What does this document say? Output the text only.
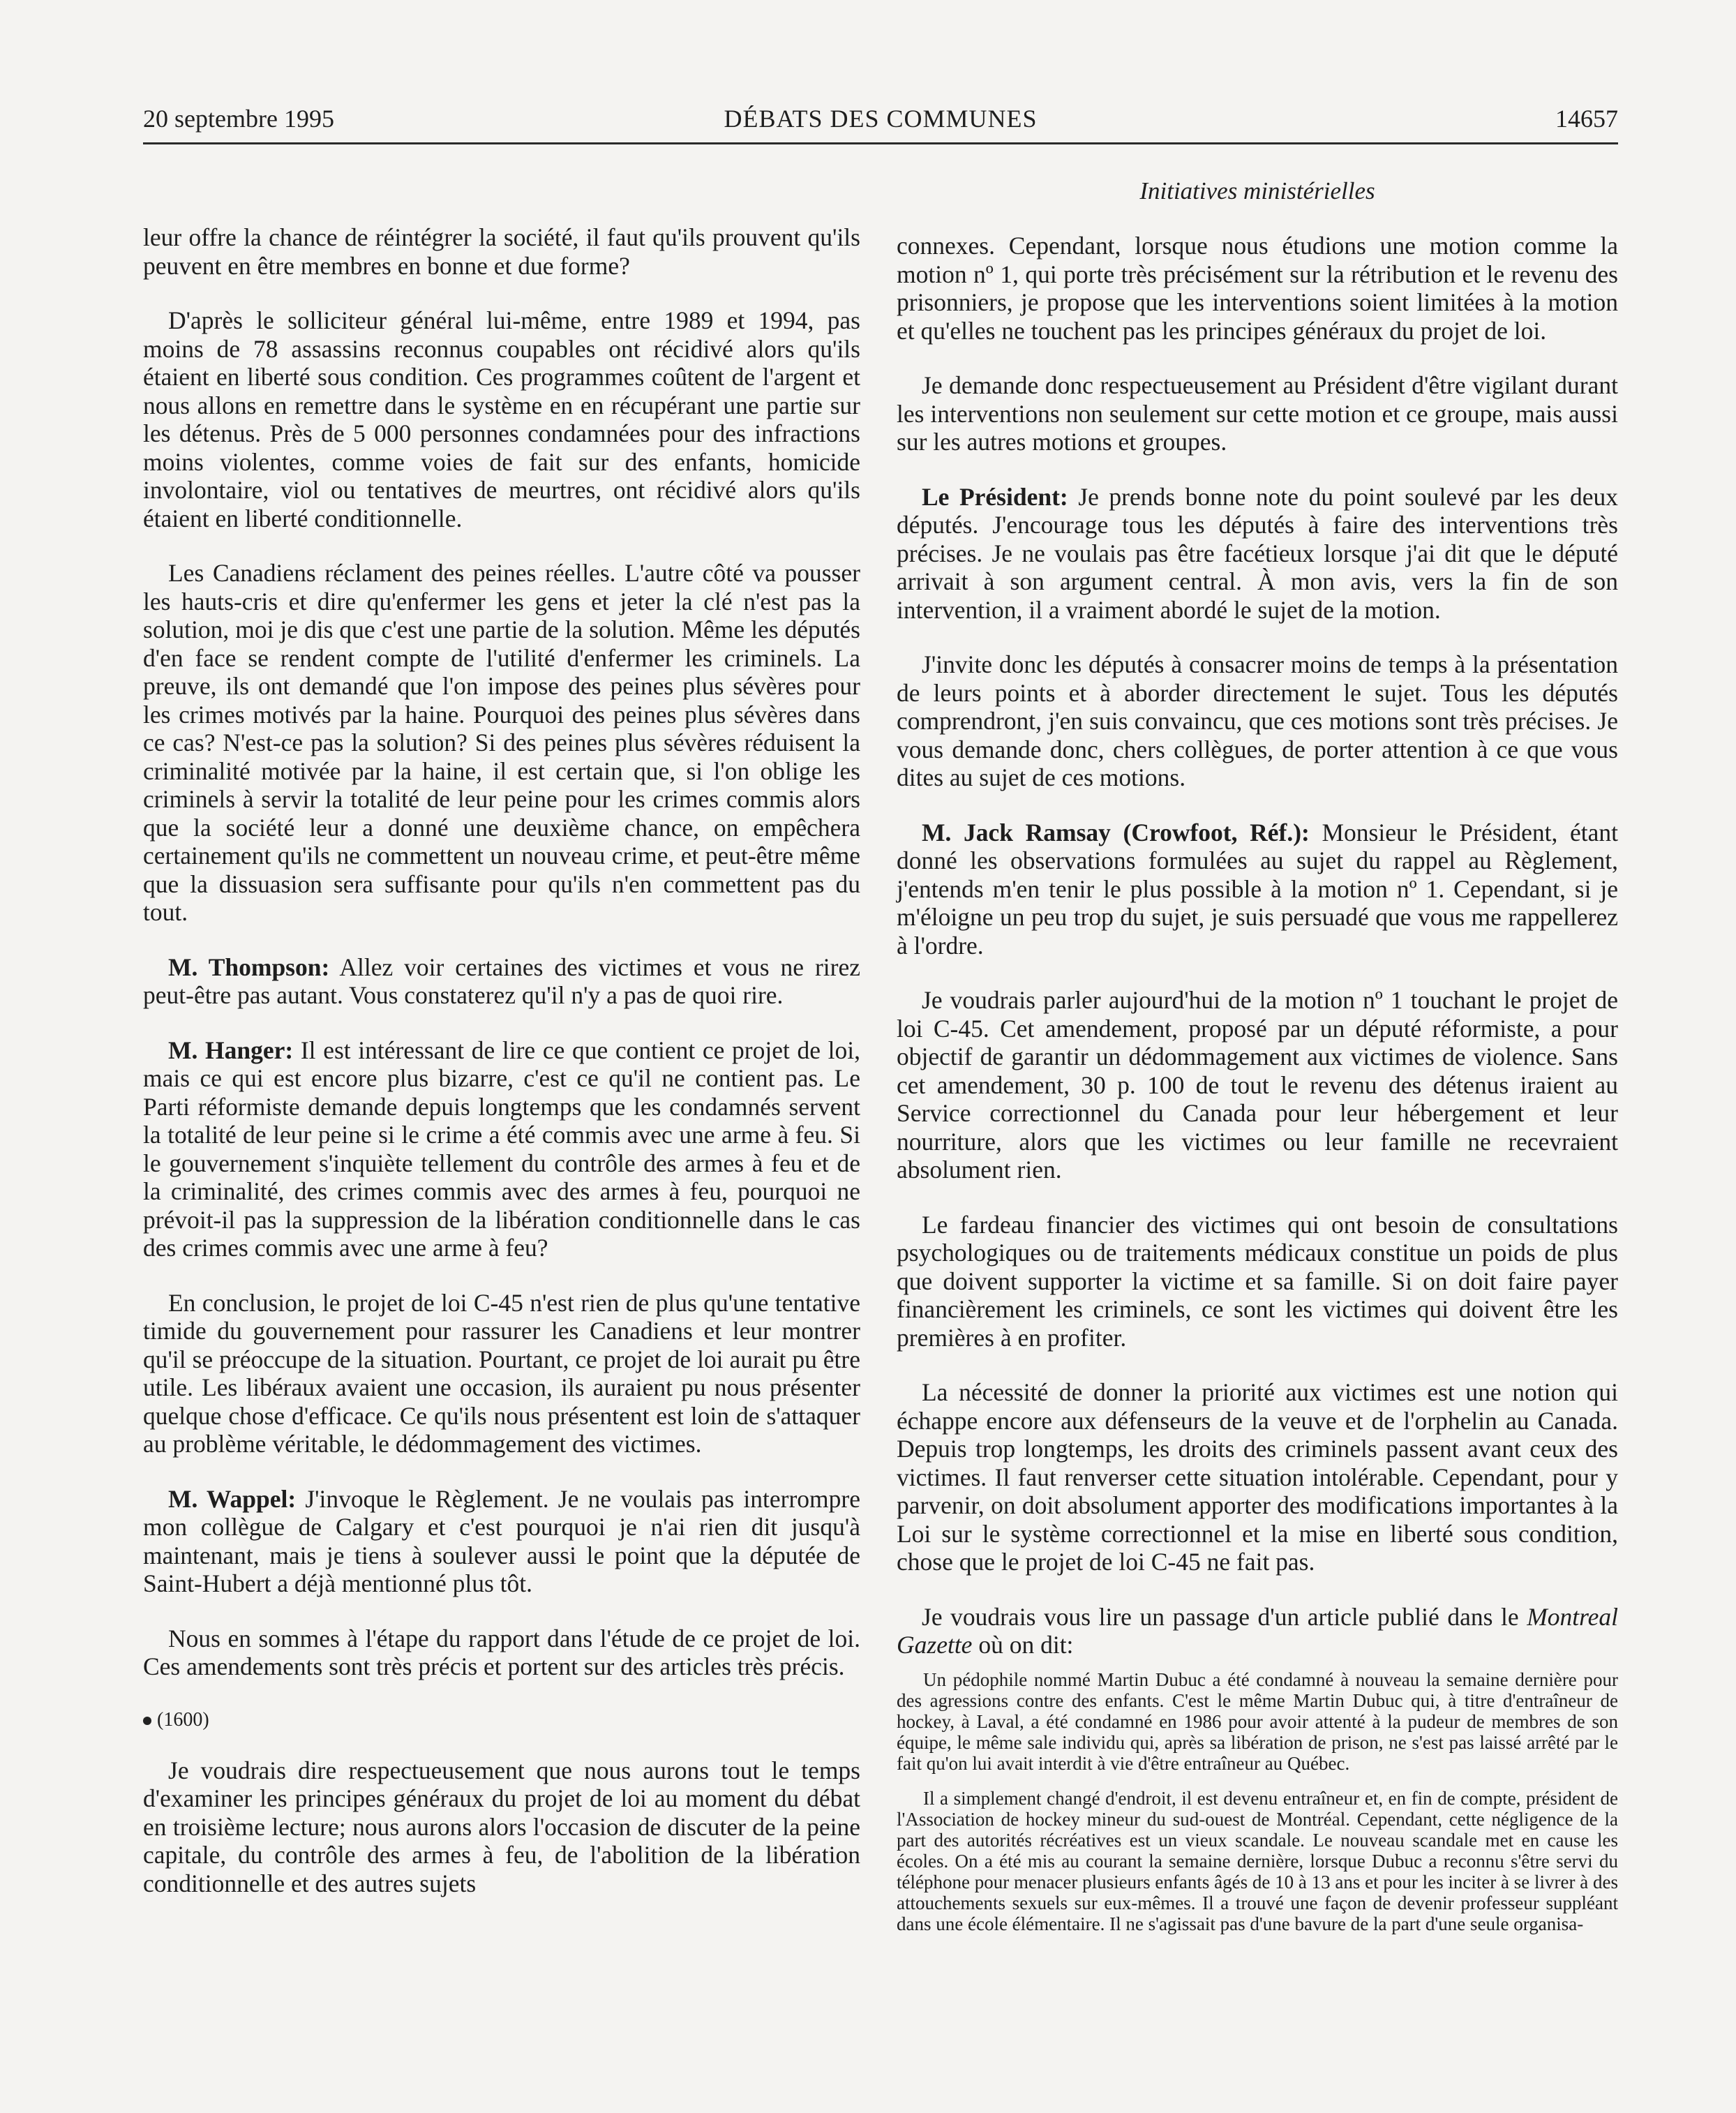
20 septembre 1995	DÉBATS DES COMMUNES	14657
Initiatives ministérielles

leur offre la chance de réintégrer la société, il faut qu'ils prouvent qu'ils peuvent en être membres en bonne et due forme?

D'après le solliciteur général lui-même, entre 1989 et 1994, pas moins de 78 assassins reconnus coupables ont récidivé alors qu'ils étaient en liberté sous condition. Ces programmes coûtent de l'argent et nous allons en remettre dans le système en en récupérant une partie sur les détenus. Près de 5 000 personnes condamnées pour des infractions moins violentes, comme voies de fait sur des enfants, homicide involontaire, viol ou tentatives de meurtres, ont récidivé alors qu'ils étaient en liberté conditionnelle.

Les Canadiens réclament des peines réelles. L'autre côté va pousser les hauts-cris et dire qu'enfermer les gens et jeter la clé n'est pas la solution, moi je dis que c'est une partie de la solution. Même les députés d'en face se rendent compte de l'utilité d'enfermer les criminels. La preuve, ils ont demandé que l'on impose des peines plus sévères pour les crimes motivés par la haine. Pourquoi des peines plus sévères dans ce cas? N'est-ce pas la solution? Si des peines plus sévères réduisent la criminalité motivée par la haine, il est certain que, si l'on oblige les criminels à servir la totalité de leur peine pour les crimes commis alors que la société leur a donné une deuxième chance, on empêchera certainement qu'ils ne commettent un nouveau crime, et peut-être même que la dissuasion sera suffisante pour qu'ils n'en commettent pas du tout.

M. Thompson: Allez voir certaines des victimes et vous ne rirez peut-être pas autant. Vous constaterez qu'il n'y a pas de quoi rire.

M. Hanger: Il est intéressant de lire ce que contient ce projet de loi, mais ce qui est encore plus bizarre, c'est ce qu'il ne contient pas. Le Parti réformiste demande depuis longtemps que les condamnés servent la totalité de leur peine si le crime a été commis avec une arme à feu. Si le gouvernement s'inquiète tellement du contrôle des armes à feu et de la criminalité, des crimes commis avec des armes à feu, pourquoi ne prévoit-il pas la suppression de la libération conditionnelle dans le cas des crimes commis avec une arme à feu?

En conclusion, le projet de loi C-45 n'est rien de plus qu'une tentative timide du gouvernement pour rassurer les Canadiens et leur montrer qu'il se préoccupe de la situation. Pourtant, ce projet de loi aurait pu être utile. Les libéraux avaient une occasion, ils auraient pu nous présenter quelque chose d'efficace. Ce qu'ils nous présentent est loin de s'attaquer au problème véritable, le dédommagement des victimes.

M. Wappel: J'invoque le Règlement. Je ne voulais pas interrompre mon collègue de Calgary et c'est pourquoi je n'ai rien dit jusqu'à maintenant, mais je tiens à soulever aussi le point que la députée de Saint-Hubert a déjà mentionné plus tôt.

Nous en sommes à l'étape du rapport dans l'étude de ce projet de loi. Ces amendements sont très précis et portent sur des articles très précis.

(1600)

Je voudrais dire respectueusement que nous aurons tout le temps d'examiner les principes généraux du projet de loi au moment du débat en troisième lecture; nous aurons alors l'occasion de discuter de la peine capitale, du contrôle des armes à feu, de l'abolition de la libération conditionnelle et des autres sujets

connexes. Cependant, lorsque nous étudions une motion comme la motion nº 1, qui porte très précisément sur la rétribution et le revenu des prisonniers, je propose que les interventions soient limitées à la motion et qu'elles ne touchent pas les principes généraux du projet de loi.

Je demande donc respectueusement au Président d'être vigilant durant les interventions non seulement sur cette motion et ce groupe, mais aussi sur les autres motions et groupes.

Le Président: Je prends bonne note du point soulevé par les deux députés. J'encourage tous les députés à faire des interventions très précises. Je ne voulais pas être facétieux lorsque j'ai dit que le député arrivait à son argument central. À mon avis, vers la fin de son intervention, il a vraiment abordé le sujet de la motion.

J'invite donc les députés à consacrer moins de temps à la présentation de leurs points et à aborder directement le sujet. Tous les députés comprendront, j'en suis convaincu, que ces motions sont très précises. Je vous demande donc, chers collègues, de porter attention à ce que vous dites au sujet de ces motions.

M. Jack Ramsay (Crowfoot, Réf.): Monsieur le Président, étant donné les observations formulées au sujet du rappel au Règlement, j'entends m'en tenir le plus possible à la motion nº 1. Cependant, si je m'éloigne un peu trop du sujet, je suis persuadé que vous me rappellerez à l'ordre.

Je voudrais parler aujourd'hui de la motion nº 1 touchant le projet de loi C-45. Cet amendement, proposé par un député réformiste, a pour objectif de garantir un dédommagement aux victimes de violence. Sans cet amendement, 30 p. 100 de tout le revenu des détenus iraient au Service correctionnel du Canada pour leur hébergement et leur nourriture, alors que les victimes ou leur famille ne recevraient absolument rien.

Le fardeau financier des victimes qui ont besoin de consultations psychologiques ou de traitements médicaux constitue un poids de plus que doivent supporter la victime et sa famille. Si on doit faire payer financièrement les criminels, ce sont les victimes qui doivent être les premières à en profiter.

La nécessité de donner la priorité aux victimes est une notion qui échappe encore aux défenseurs de la veuve et de l'orphelin au Canada. Depuis trop longtemps, les droits des criminels passent avant ceux des victimes. Il faut renverser cette situation intolérable. Cependant, pour y parvenir, on doit absolument apporter des modifications importantes à la Loi sur le système correctionnel et la mise en liberté sous condition, chose que le projet de loi C-45 ne fait pas.

Je voudrais vous lire un passage d'un article publié dans le Montreal Gazette où on dit:

Un pédophile nommé Martin Dubuc a été condamné à nouveau la semaine dernière pour des agressions contre des enfants. C'est le même Martin Dubuc qui, à titre d'entraîneur de hockey, à Laval, a été condamné en 1986 pour avoir attenté à la pudeur de membres de son équipe, le même sale individu qui, après sa libération de prison, ne s'est pas laissé arrêté par le fait qu'on lui avait interdit à vie d'être entraîneur au Québec.
Il a simplement changé d'endroit, il est devenu entraîneur et, en fin de compte, président de l'Association de hockey mineur du sud-ouest de Montréal. Cependant, cette négligence de la part des autorités récréatives est un vieux scandale. Le nouveau scandale met en cause les écoles. On a été mis au courant la semaine dernière, lorsque Dubuc a reconnu s'être servi du téléphone pour menacer plusieurs enfants âgés de 10 à 13 ans et pour les inciter à se livrer à des attouchements sexuels sur eux-mêmes. Il a trouvé une façon de devenir professeur suppléant dans une école élémentaire. Il ne s'agissait pas d'une bavure de la part d'une seule organisa-
